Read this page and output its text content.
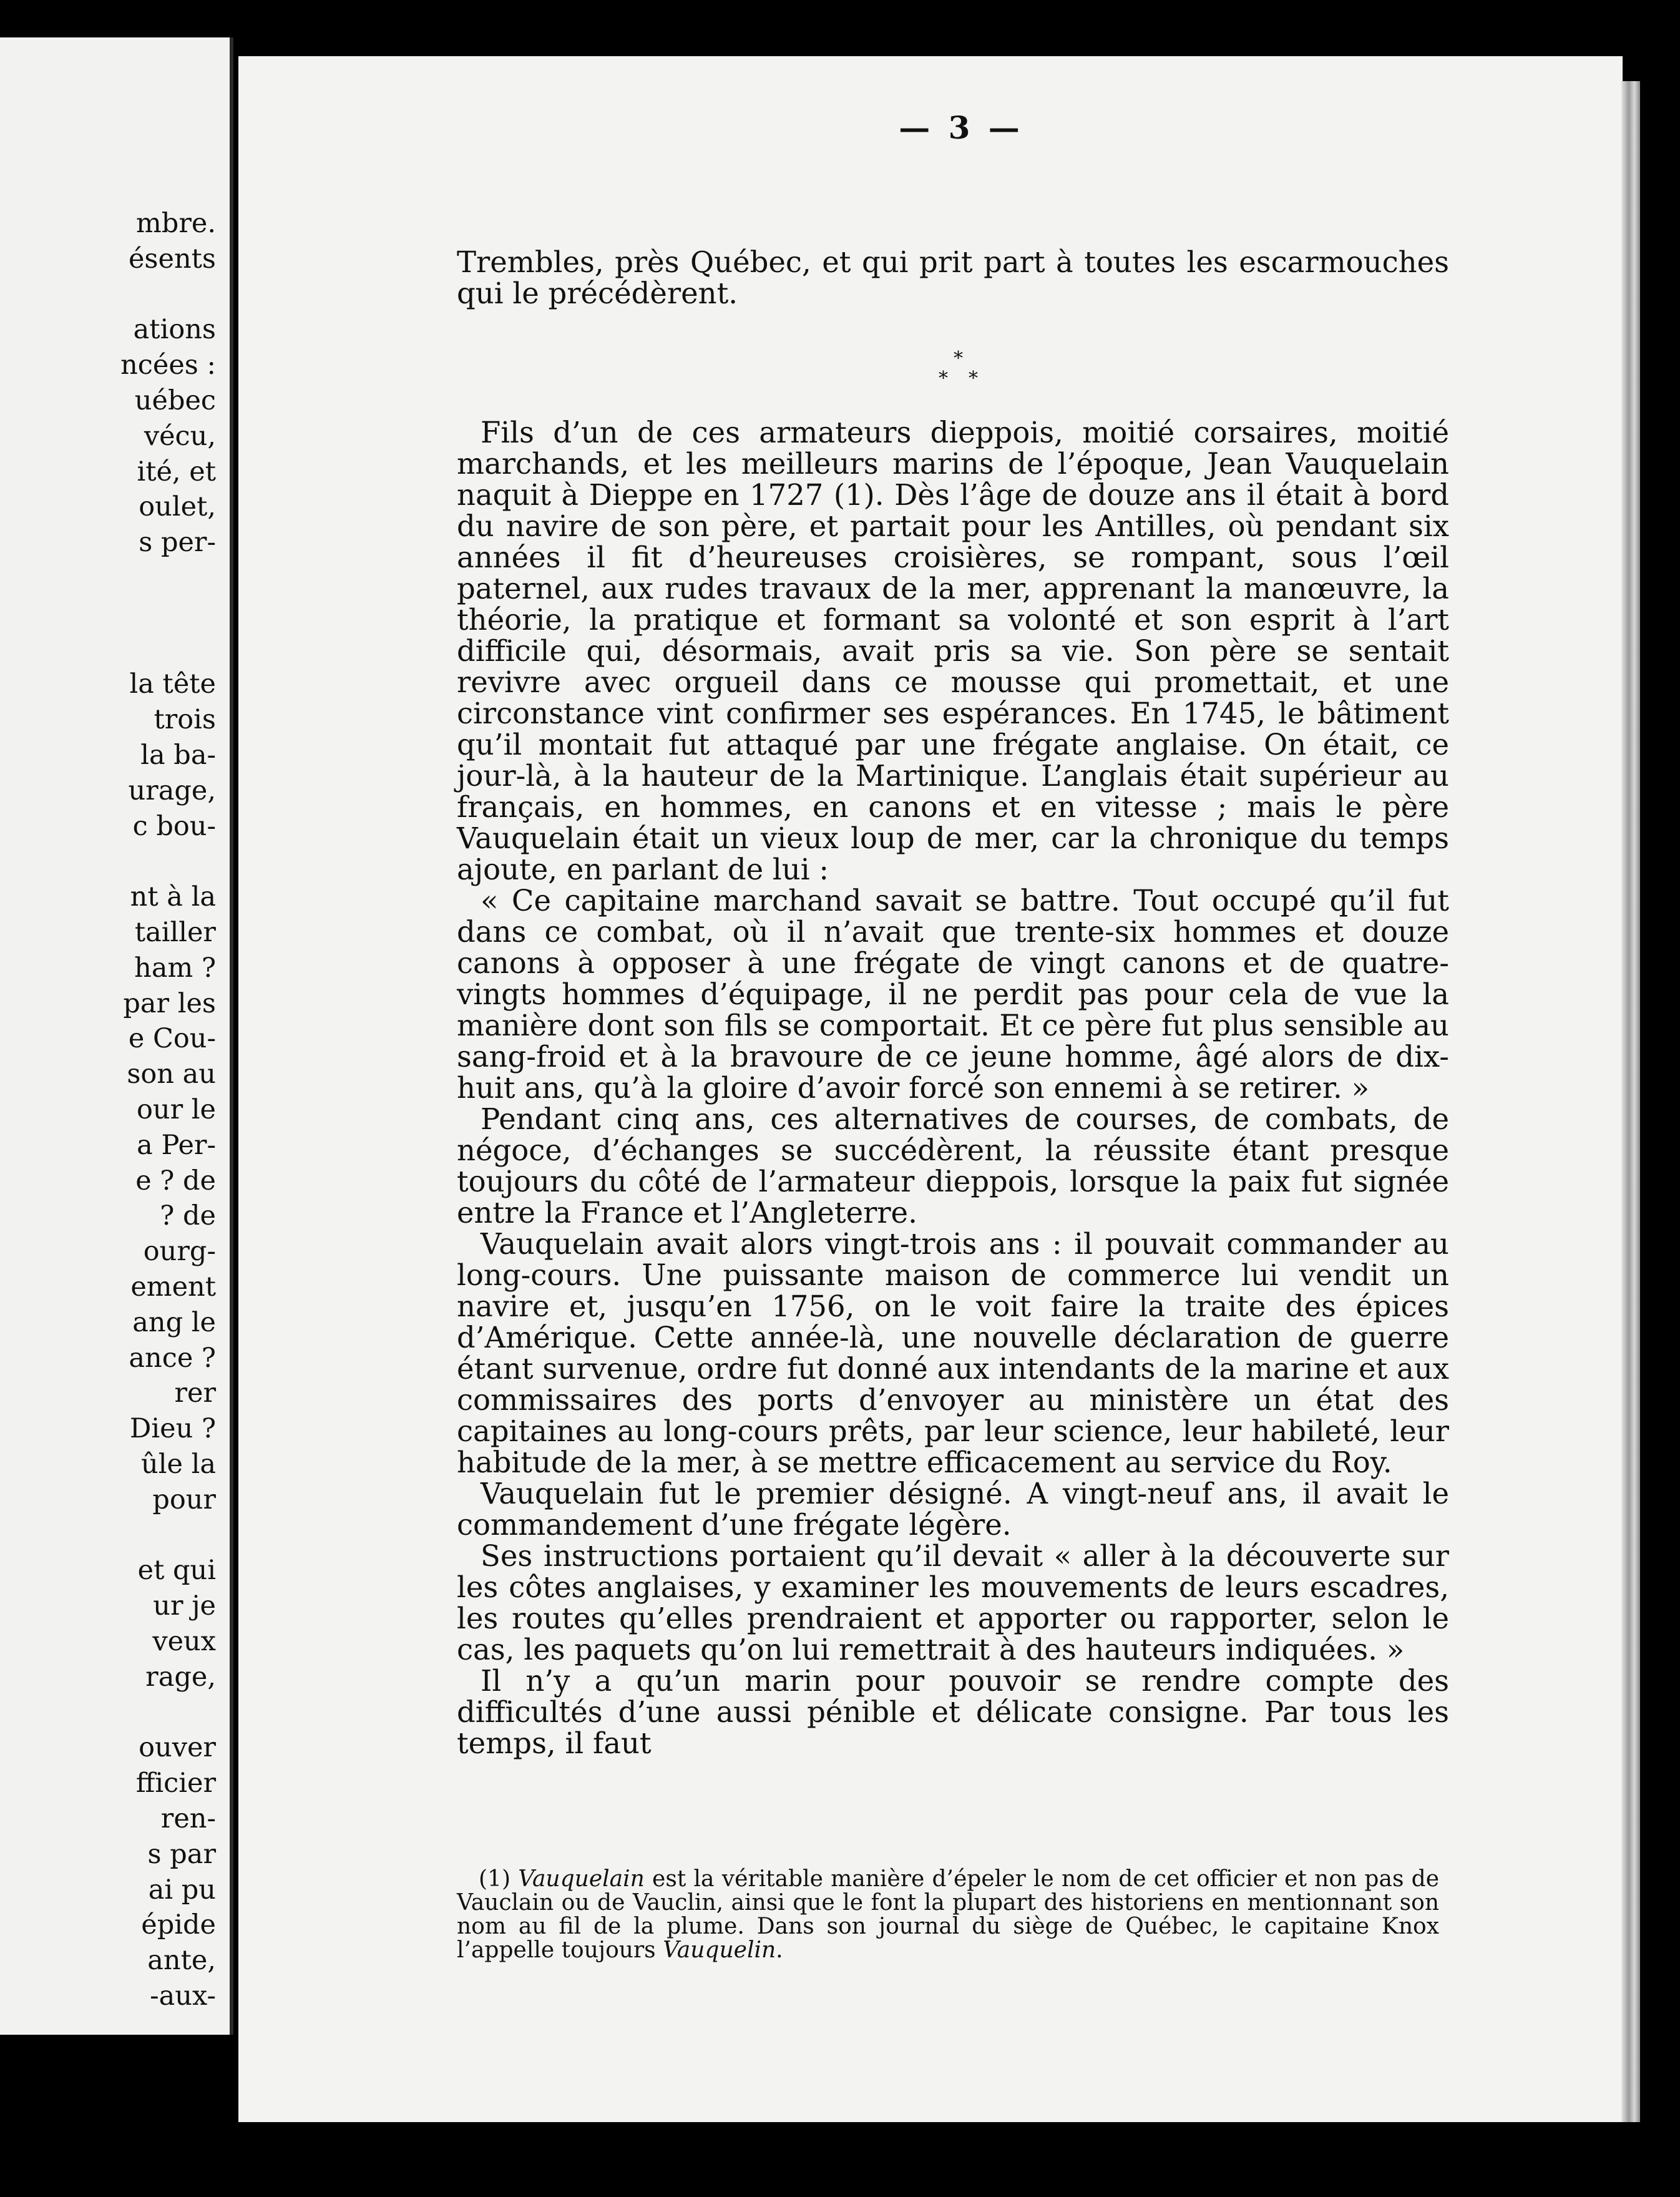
mbre.
ésents
ations
ncées :
uébec
vécu,
ité, et
oulet,
s per-
la tête
trois
la ba-
urage,
c bou-
nt à la
tailler
ham ?
par les
e Cou-
son au
our le
a Per-
e ? de
? de
ourg-
ement
ang le
ance ?
rer
Dieu ?
ûle la
pour
et qui
ur je
veux
rage,
ouver
fficier
ren-
s par
ai pu
épide
ante,
-aux-
— 3 —

Trembles, près Québec, et qui prit part à toutes les escarmouches qui le précédèrent.

*
* *

Fils d’un de ces armateurs dieppois, moitié corsaires, moitié marchands, et les meilleurs marins de l’époque, Jean Vauquelain naquit à Dieppe en 1727 (1). Dès l’âge de douze ans il était à bord du navire de son père, et partait pour les Antilles, où pendant six années il fit d’heureuses croisières, se rompant, sous l’œil paternel, aux rudes travaux de la mer, apprenant la manœuvre, la théorie, la pratique et formant sa volonté et son esprit à l’art difficile qui, désormais, avait pris sa vie. Son père se sentait revivre avec orgueil dans ce mousse qui promettait, et une circonstance vint confirmer ses espérances. En 1745, le bâtiment qu’il montait fut attaqué par une frégate anglaise. On était, ce jour-là, à la hauteur de la Martinique. L’anglais était supérieur au français, en hommes, en canons et en vitesse ; mais le père Vauquelain était un vieux loup de mer, car la chronique du temps ajoute, en parlant de lui :

« Ce capitaine marchand savait se battre. Tout occupé qu’il fut dans ce combat, où il n’avait que trente-six hommes et douze canons à opposer à une frégate de vingt canons et de quatre-vingts hommes d’équipage, il ne perdit pas pour cela de vue la manière dont son fils se comportait. Et ce père fut plus sensible au sang-froid et à la bravoure de ce jeune homme, âgé alors de dix-huit ans, qu’à la gloire d’avoir forcé son ennemi à se retirer. »

Pendant cinq ans, ces alternatives de courses, de combats, de négoce, d’échanges se succédèrent, la réussite étant presque toujours du côté de l’armateur dieppois, lorsque la paix fut signée entre la France et l’Angleterre.

Vauquelain avait alors vingt-trois ans : il pouvait commander au long-cours. Une puissante maison de commerce lui vendit un navire et, jusqu’en 1756, on le voit faire la traite des épices d’Amérique. Cette année-là, une nouvelle déclaration de guerre étant survenue, ordre fut donné aux intendants de la marine et aux commissaires des ports d’envoyer au ministère un état des capitaines au long-cours prêts, par leur science, leur habileté, leur habitude de la mer, à se mettre efficacement au service du Roy.

Vauquelain fut le premier désigné. A vingt-neuf ans, il avait le commandement d’une frégate légère.

Ses instructions portaient qu’il devait « aller à la découverte sur les côtes anglaises, y examiner les mouvements de leurs escadres, les routes qu’elles prendraient et apporter ou rapporter, selon le cas, les paquets qu’on lui remettrait à des hauteurs indiquées. »

Il n’y a qu’un marin pour pouvoir se rendre compte des difficultés d’une aussi pénible et délicate consigne. Par tous les temps, il faut

(1) Vauquelain est la véritable manière d’épeler le nom de cet officier et non pas de Vauclain ou de Vauclin, ainsi que le font la plupart des historiens en mentionnant son nom au fil de la plume. Dans son journal du siège de Québec, le capitaine Knox l’appelle toujours Vauquelin.
